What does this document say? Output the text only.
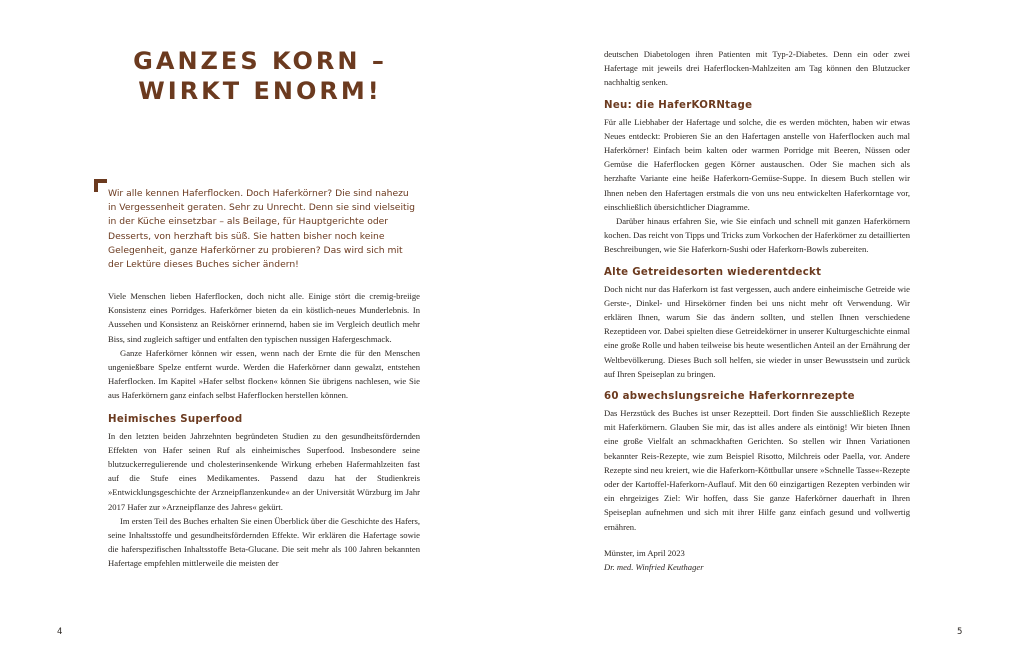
GANZES KORN – WIRKT ENORM!

Wir alle kennen Haferflocken. Doch Haferkörner? Die sind nahezu in Vergessenheit geraten. Sehr zu Unrecht. Denn sie sind vielseitig in der Küche einsetzbar – als Beilage, für Hauptgerichte oder Desserts, von herzhaft bis süß. Sie hatten bisher noch keine Gelegenheit, ganze Haferkörner zu probieren? Das wird sich mit der Lektüre dieses Buches sicher ändern!

Viele Menschen lieben Haferflocken, doch nicht alle. Einige stört die cremig-breiige Konsistenz eines Porridges. Haferkörner bieten da ein köstlich-neues Munderlebnis. In Aussehen und Konsistenz an Reiskörner erinnernd, haben sie im Vergleich deutlich mehr Biss, sind zugleich saftiger und entfalten den typischen nussigen Hafergeschmack.

Ganze Haferkörner können wir essen, wenn nach der Ernte die für den Menschen ungenießbare Spelze entfernt wurde. Werden die Haferkörner dann gewalzt, entstehen Haferflocken. Im Kapitel »Hafer selbst flocken« können Sie übrigens nachlesen, wie Sie aus Haferkörnern ganz einfach selbst Haferflocken herstellen können.

Heimisches Superfood

In den letzten beiden Jahrzehnten begründeten Studien zu den gesundheitsfördernden Effekten von Hafer seinen Ruf als einheimisches Superfood. Insbesondere seine blutzuckerregulierende und cholesterinsenkende Wirkung erheben Hafermahlzeiten fast auf die Stufe eines Medikamentes. Passend dazu hat der Studienkreis »Entwicklungsgeschichte der Arzneipflanzenkunde« an der Universität Würzburg im Jahr 2017 Hafer zur »Arzneipflanze des Jahres« gekürt.

Im ersten Teil des Buches erhalten Sie einen Überblick über die Geschichte des Hafers, seine Inhaltsstoffe und gesundheitsfördernden Effekte. Wir erklären die Hafertage sowie die haferspezifischen Inhaltsstoffe Beta-Glucane. Die seit mehr als 100 Jahren bekannten Hafertage empfehlen mittlerweile die meisten der

4

deutschen Diabetologen ihren Patienten mit Typ-2-Diabetes. Denn ein oder zwei Hafertage mit jeweils drei Haferflocken-Mahlzeiten am Tag können den Blutzucker nachhaltig senken.

Neu: die HaferKORNtage

Für alle Liebhaber der Hafertage und solche, die es werden möchten, haben wir etwas Neues entdeckt: Probieren Sie an den Hafertagen anstelle von Haferflocken auch mal Haferkörner! Einfach beim kalten oder warmen Porridge mit Beeren, Nüssen oder Gemüse die Haferflocken gegen Körner austauschen. Oder Sie machen sich als herzhafte Variante eine heiße Haferkorn-Gemüse-Suppe. In diesem Buch stellen wir Ihnen neben den Hafertagen erstmals die von uns neu entwickelten Haferkorntage vor, einschließlich übersichtlicher Diagramme.

Darüber hinaus erfahren Sie, wie Sie einfach und schnell mit ganzen Haferkörnern kochen. Das reicht von Tipps und Tricks zum Vorkochen der Haferkörner zu detaillierten Beschreibungen, wie Sie Haferkorn-Sushi oder Haferkorn-Bowls zubereiten.

Alte Getreidesorten wiederentdeckt

Doch nicht nur das Haferkorn ist fast vergessen, auch andere einheimische Getreide wie Gerste-, Dinkel- und Hirsekörner finden bei uns nicht mehr oft Verwendung. Wir erklären Ihnen, warum Sie das ändern sollten, und stellen Ihnen verschiedene Rezeptideen vor. Dabei spielten diese Getreidekörner in unserer Kulturgeschichte einmal eine große Rolle und haben teilweise bis heute wesentlichen Anteil an der Ernährung der Weltbevölkerung. Dieses Buch soll helfen, sie wieder in unser Bewusstsein und zurück auf Ihren Speiseplan zu bringen.

60 abwechslungsreiche Haferkornrezepte

Das Herzstück des Buches ist unser Rezeptteil. Dort finden Sie ausschließlich Rezepte mit Haferkörnern. Glauben Sie mir, das ist alles andere als eintönig! Wir bieten Ihnen eine große Vielfalt an schmackhaften Gerichten. So stellen wir Ihnen Variationen bekannter Reis-Rezepte, wie zum Beispiel Risotto, Milchreis oder Paella, vor. Andere Rezepte sind neu kreiert, wie die Haferkorn-Köttbullar unsere »Schnelle Tasse«-Rezepte oder der Kartoffel-Haferkorn-Auflauf. Mit den 60 einzigartigen Rezepten verbinden wir ein ehrgeiziges Ziel: Wir hoffen, dass Sie ganze Haferkörner dauerhaft in Ihren Speiseplan aufnehmen und sich mit ihrer Hilfe ganz einfach gesund und vollwertig ernähren.

Münster, im April 2023

Dr. med. Winfried Keuthager

5
